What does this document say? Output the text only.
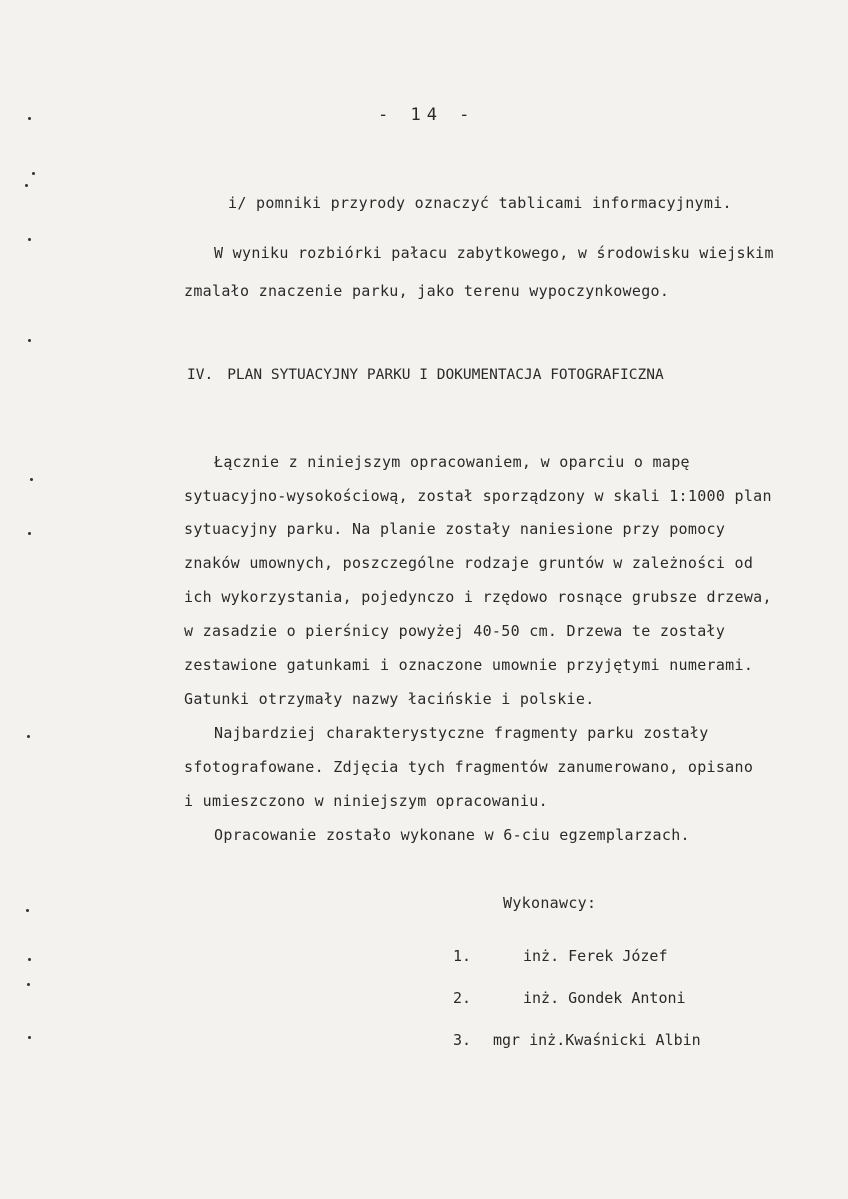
- 14 -
i/ pomniki przyrody oznaczyć tablicami informacyjnymi.
W wyniku rozbiórki pałacu zabytkowego, w środowisku wiejskim
zmalało znaczenie parku, jako terenu wypoczynkowego.
IV. PLAN SYTUACYJNY PARKU I DOKUMENTACJA FOTOGRAFICZNA
Łącznie z niniejszym opracowaniem, w oparciu o mapę
sytuacyjno-wysokościową, został sporządzony w skali 1:1000 plan
sytuacyjny parku. Na planie zostały naniesione przy pomocy
znaków umownych, poszczególne rodzaje gruntów w zależności od
ich wykorzystania, pojedynczo i rzędowo rosnące grubsze drzewa,
w zasadzie o pierśnicy powyżej 40-50 cm. Drzewa te zostały
zestawione gatunkami i oznaczone umownie przyjętymi numerami.
Gatunki otrzymały nazwy łacińskie i polskie.
Najbardziej charakterystyczne fragmenty parku zostały
sfotografowane. Zdjęcia tych fragmentów zanumerowano, opisano
i umieszczono w niniejszym opracowaniu.
Opracowanie zostało wykonane w 6-ciu egzemplarzach.
Wykonawcy:
1.	inż. Ferek Józef
2.	inż. Gondek Antoni
3. mgr inż.Kwaśnicki Albin
